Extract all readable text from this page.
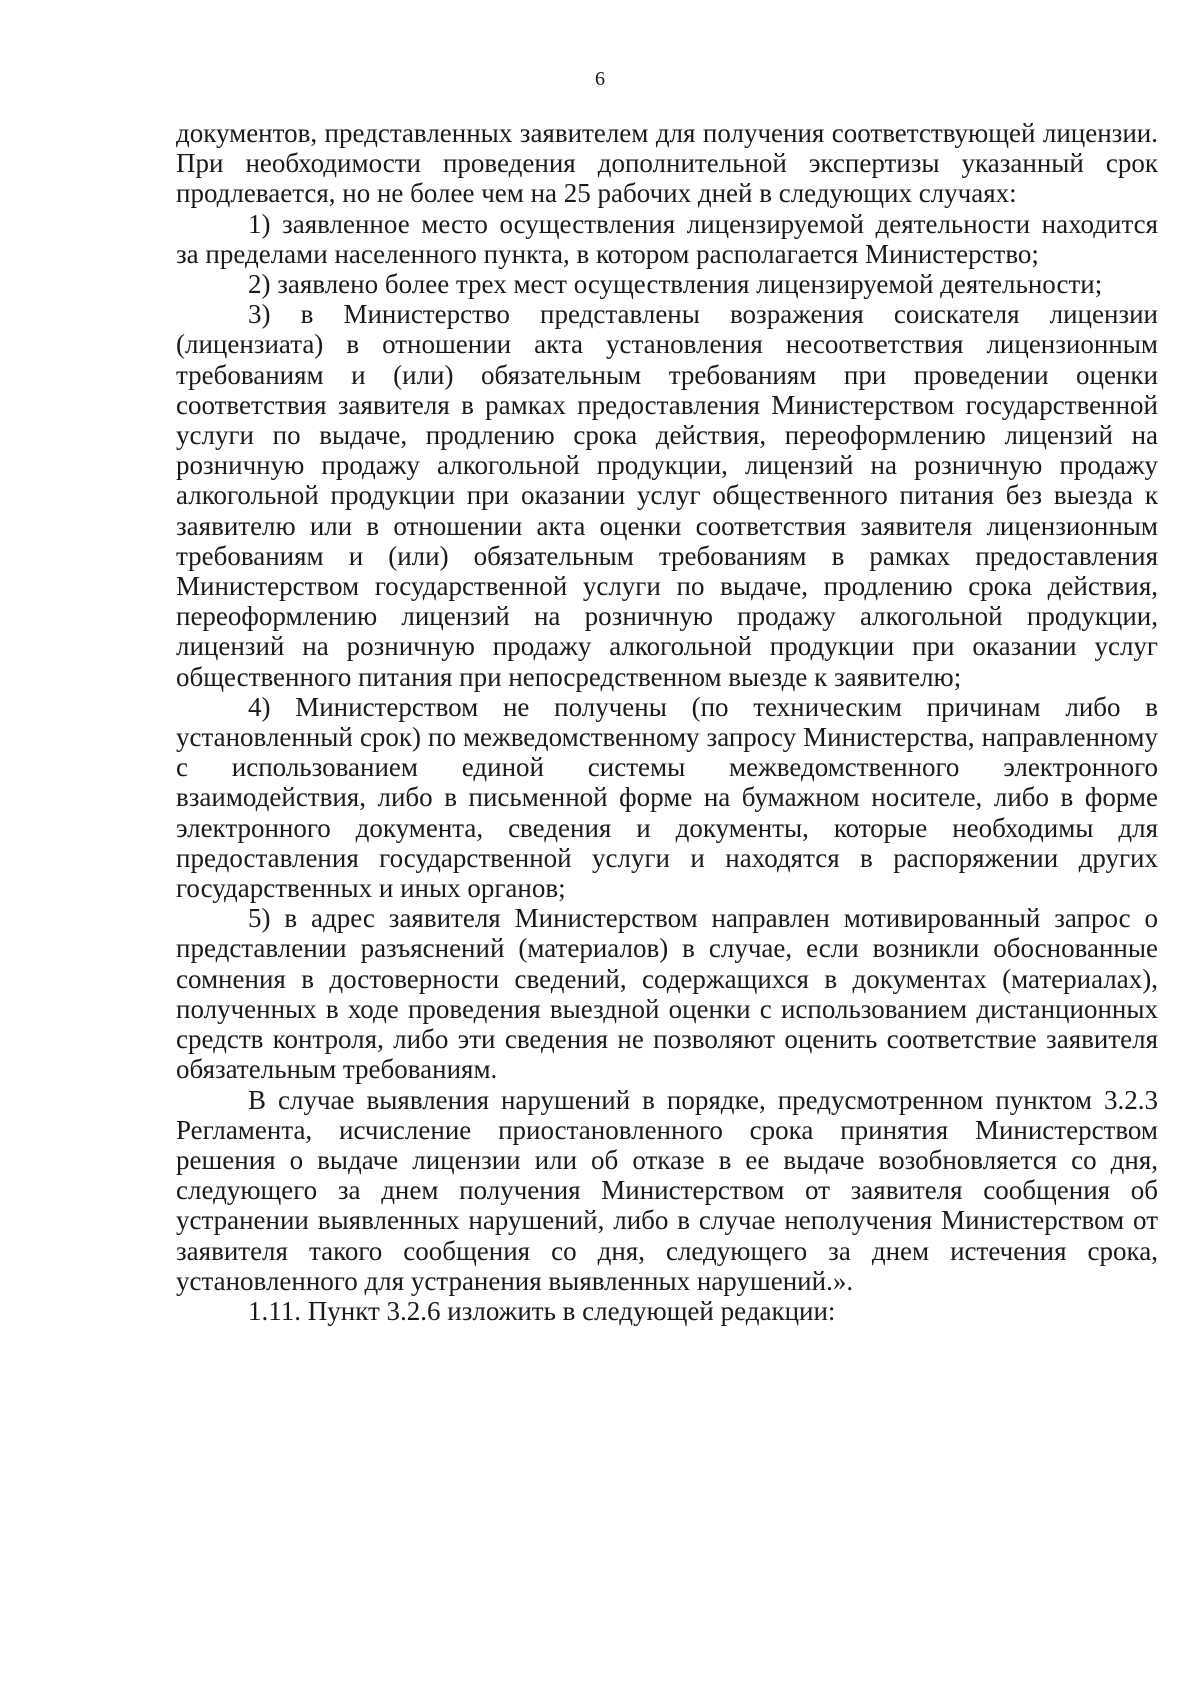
6

документов, представленных заявителем для получения соответствующей лицензии. При необходимости проведения дополнительной экспертизы указанный срок продлевается, но не более чем на 25 рабочих дней в следующих случаях:

1) заявленное место осуществления лицензируемой деятельности находится за пределами населенного пункта, в котором располагается Министерство;

2) заявлено более трех мест осуществления лицензируемой деятельности;

3) в Министерство представлены возражения соискателя лицензии (лицензиата) в отношении акта установления несоответствия лицензионным требованиям и (или) обязательным требованиям при проведении оценки соответствия заявителя в рамках предоставления Министерством государственной услуги по выдаче, продлению срока действия, переоформлению лицензий на розничную продажу алкогольной продукции, лицензий на розничную продажу алкогольной продукции при оказании услуг общественного питания без выезда к заявителю или в отношении акта оценки соответствия заявителя лицензионным требованиям и (или) обязательным требованиям в рамках предоставления Министерством государственной услуги по выдаче, продлению срока действия, переоформлению лицензий на розничную продажу алкогольной продукции, лицензий на розничную продажу алкогольной продукции при оказании услуг общественного питания при непосредственном выезде к заявителю;

4) Министерством не получены (по техническим причинам либо в установленный срок) по межведомственному запросу Министерства, направленному с использованием единой системы межведомственного электронного взаимодействия, либо в письменной форме на бумажном носителе, либо в форме электронного документа, сведения и документы, которые необходимы для предоставления государственной услуги и находятся в распоряжении других государственных и иных органов;

5) в адрес заявителя Министерством направлен мотивированный запрос о представлении разъяснений (материалов) в случае, если возникли обоснованные сомнения в достоверности сведений, содержащихся в документах (материалах), полученных в ходе проведения выездной оценки с использованием дистанционных средств контроля, либо эти сведения не позволяют оценить соответствие заявителя обязательным требованиям.

В случае выявления нарушений в порядке, предусмотренном пунктом 3.2.3 Регламента, исчисление приостановленного срока принятия Министерством решения о выдаче лицензии или об отказе в ее выдаче возобновляется со дня, следующего за днем получения Министерством от заявителя сообщения об устранении выявленных нарушений, либо в случае неполучения Министерством от заявителя такого сообщения со дня, следующего за днем истечения срока, установленного для устранения выявленных нарушений.».

1.11. Пункт 3.2.6 изложить в следующей редакции:
